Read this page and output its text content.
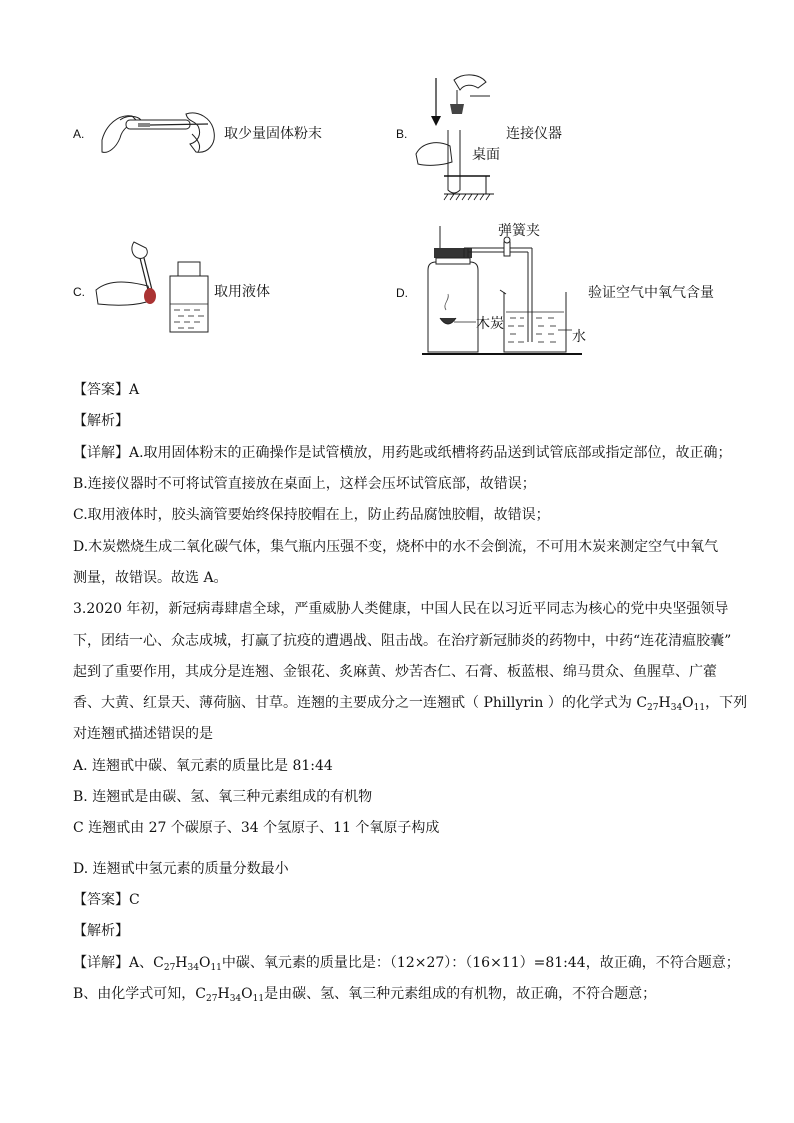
A.	取少量固体粉末	B.	连接仪器
桌面
C.	取用液体	D.
弹簧夹
木炭
水
验证空气中氧气含量
【答案】A
【解析】
【详解】A.取用固体粉末的正确操作是试管横放，用药匙或纸槽将药品送到试管底部或指定部位，故正确；
B.连接仪器时不可将试管直接放在桌面上，这样会压坏试管底部，故错误；
C.取用液体时，胶头滴管要始终保持胶帽在上，防止药品腐蚀胶帽，故错误；
D.木炭燃烧生成二氧化碳气体，集气瓶内压强不变，烧杯中的水不会倒流，不可用木炭来测定空气中氧气
测量，故错误。故选 A。
3.2020 年初，新冠病毒肆虐全球，严重威胁人类健康，中国人民在以习近平同志为核心的党中央坚强领导
下，团结一心、众志成城，打赢了抗疫的遭遇战、阻击战。在治疗新冠肺炎的药物中，中药“连花清瘟胶囊”
起到了重要作用，其成分是连翘、金银花、炙麻黄、炒苦杏仁、石膏、板蓝根、绵马贯众、鱼腥草、广藿
香、大黄、红景天、薄荷脑、甘草。连翘的主要成分之一连翘甙（ Phillyrin ）的化学式为 $C_{27}H_{34}O_{11}$，下列
对连翘甙描述错误的是
A. 连翘甙中碳、氧元素的质量比是 81:44
B. 连翘甙是由碳、氢、氧三种元素组成的有机物
C 连翘甙由 27 个碳原子、34 个氢原子、11 个氧原子构成
D. 连翘甙中氢元素的质量分数最小
【答案】C
【解析】
【详解】A、$C_{27}H_{34}O_{11}$中碳、氧元素的质量比是：（12×27）：（16×11）=81:44，故正确，不符合题意；
B、由化学式可知，$C_{27}H_{34}O_{11}$是由碳、氢、氧三种元素组成的有机物，故正确，不符合题意；
